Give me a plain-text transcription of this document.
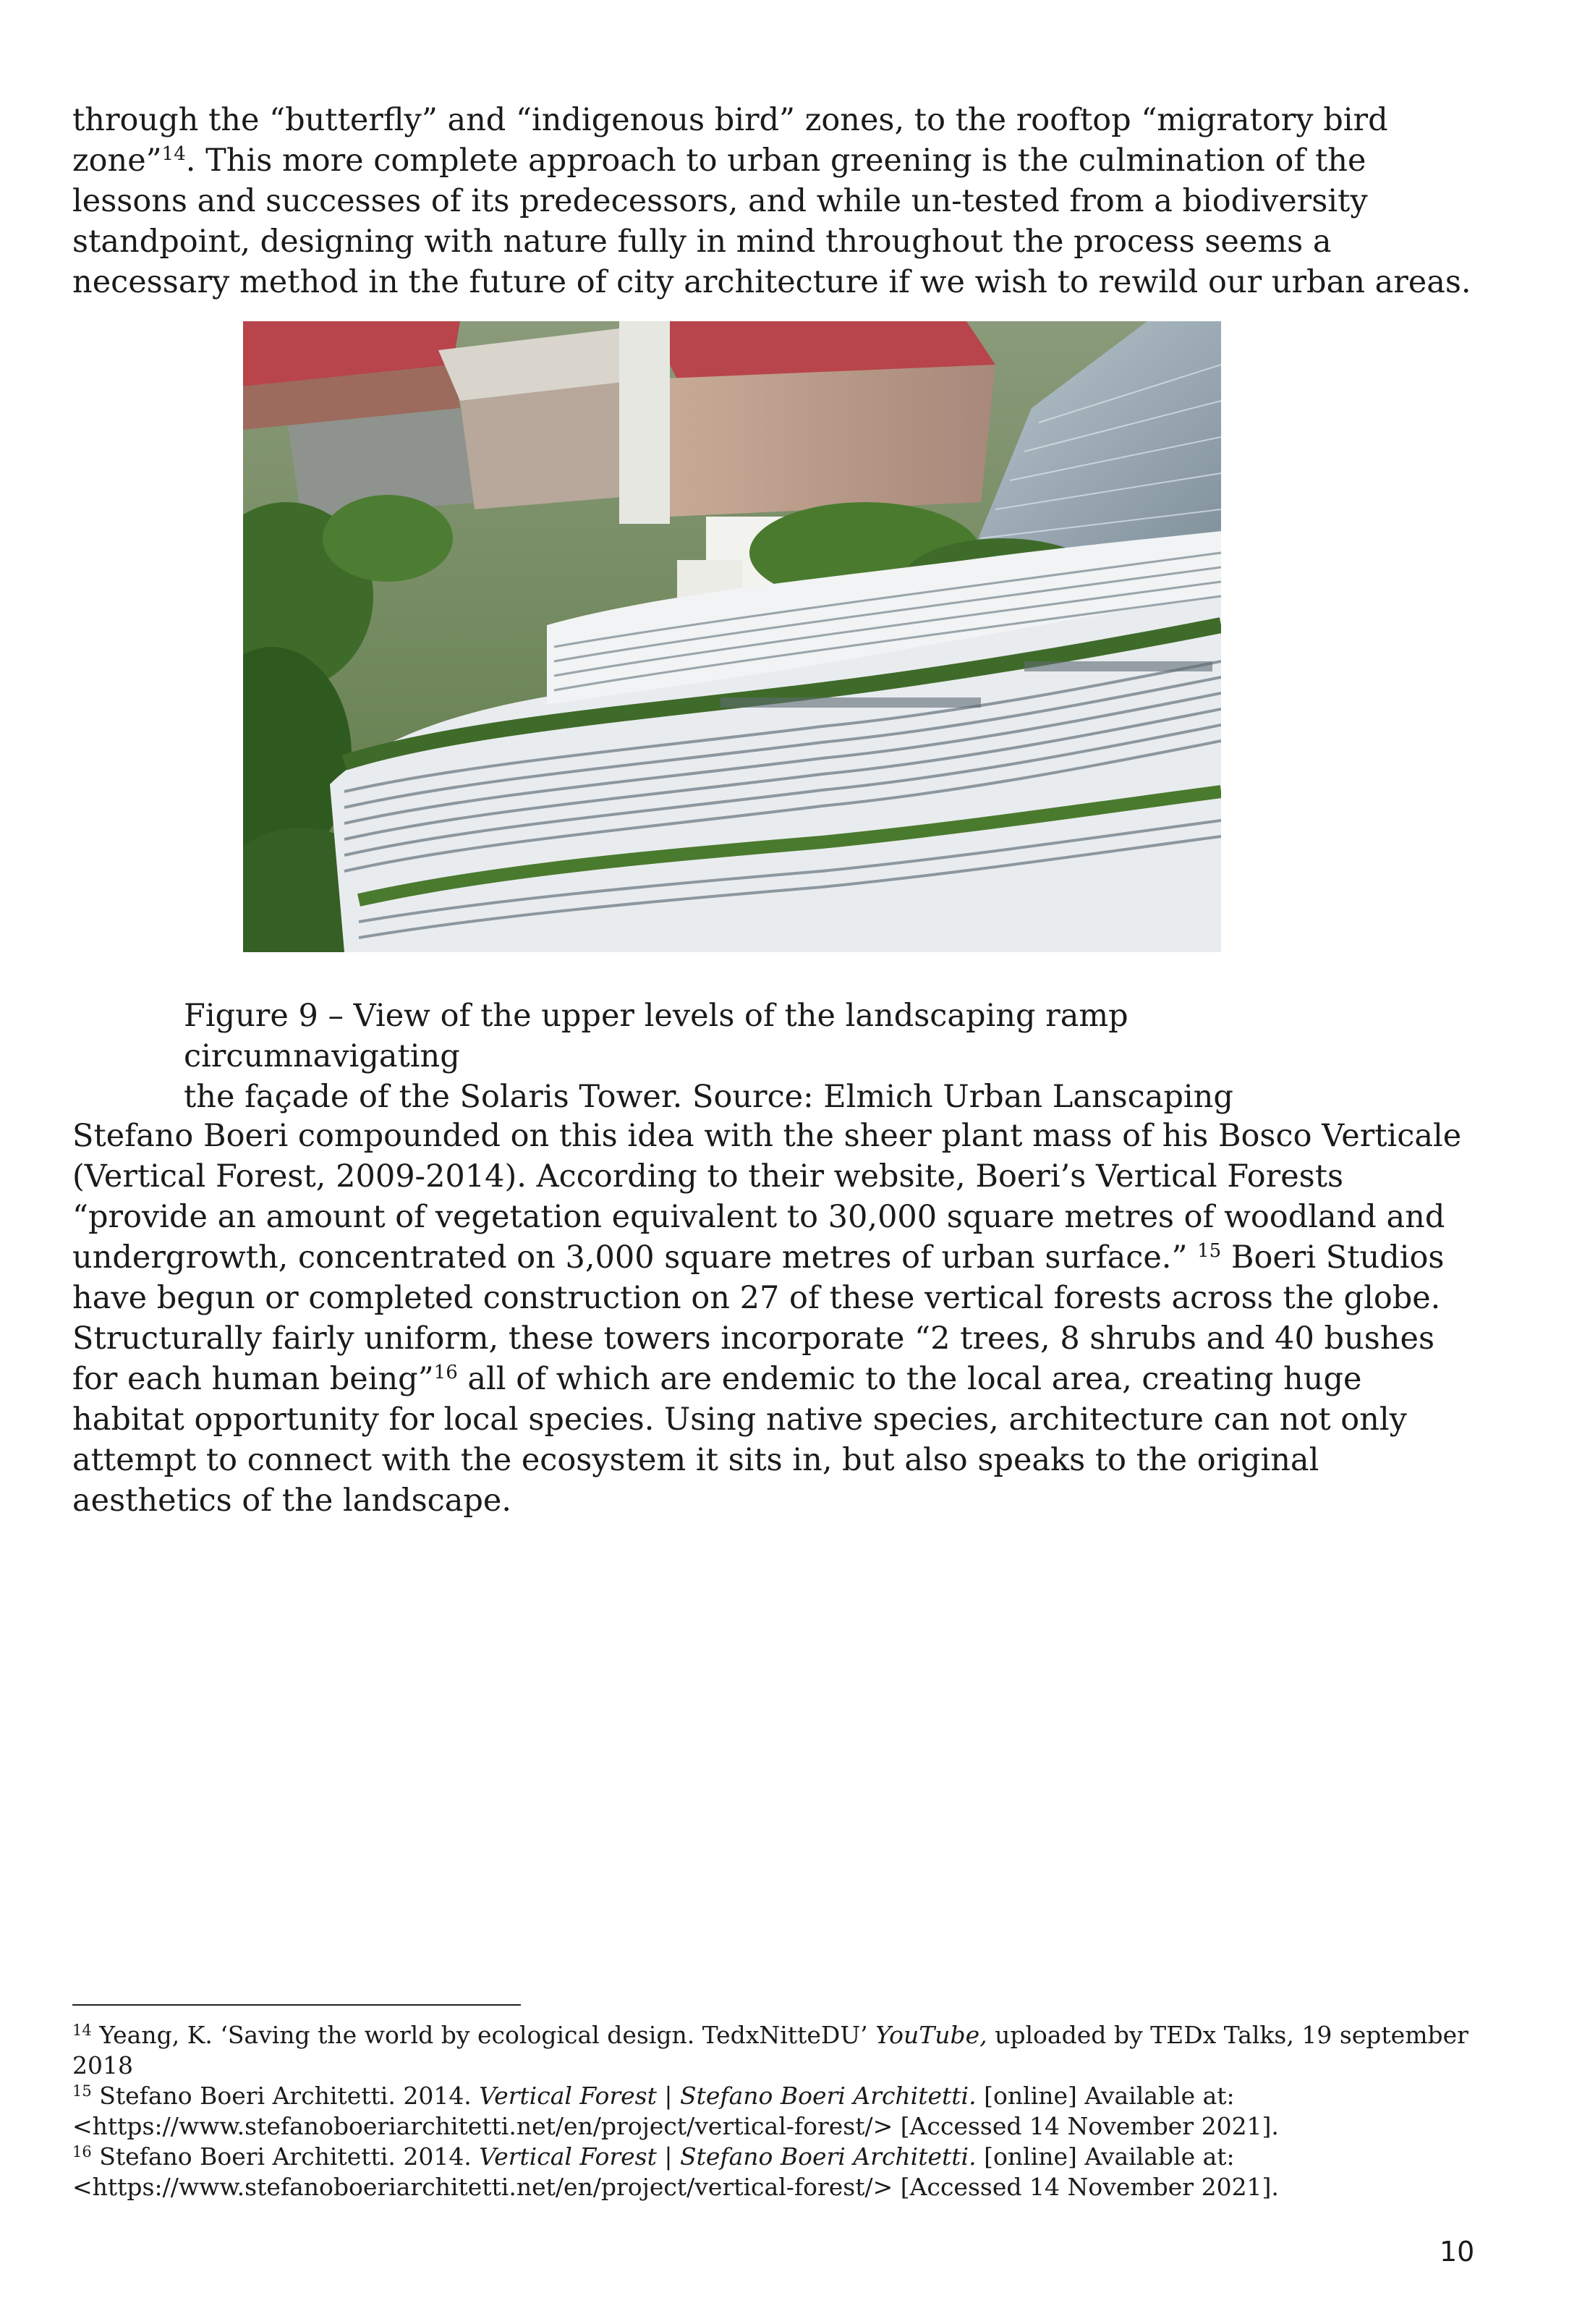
through the “butterfly” and “indigenous bird” zones, to the rooftop “migratory bird zone”$^{14}$. This more complete approach to urban greening is the culmination of the lessons and successes of its predecessors, and while un-tested from a biodiversity standpoint, designing with nature fully in mind throughout the process seems a necessary method in the future of city architecture if we wish to rewild our urban areas.

Figure 9 – View of the upper levels of the landscaping ramp circumnavigating
the façade of the Solaris Tower. Source: Elmich Urban Lanscaping

Stefano Boeri compounded on this idea with the sheer plant mass of his Bosco Verticale (Vertical Forest, 2009-2014). According to their website, Boeri’s Vertical Forests “provide an amount of vegetation equivalent to 30,000 square metres of woodland and undergrowth, concentrated on 3,000 square metres of urban surface.” $^{15}$ Boeri Studios have begun or completed construction on 27 of these vertical forests across the globe. Structurally fairly uniform, these towers incorporate “2 trees, 8 shrubs and 40 bushes for each human being”$^{16}$ all of which are endemic to the local area, creating huge habitat opportunity for local species. Using native species, architecture can not only attempt to connect with the ecosystem it sits in, but also speaks to the original aesthetics of the landscape.

$^{14}$ Yeang, K. ‘Saving the world by ecological design. TedxNitteDU’ YouTube, uploaded by TEDx Talks, 19 september 2018

$^{15}$ Stefano Boeri Architetti. 2014. Vertical Forest | Stefano Boeri Architetti. [online] Available at: <https://www.stefanoboeriarchitetti.net/en/project/vertical-forest/> [Accessed 14 November 2021].

$^{16}$ Stefano Boeri Architetti. 2014. Vertical Forest | Stefano Boeri Architetti. [online] Available at: <https://www.stefanoboeriarchitetti.net/en/project/vertical-forest/> [Accessed 14 November 2021].

10
